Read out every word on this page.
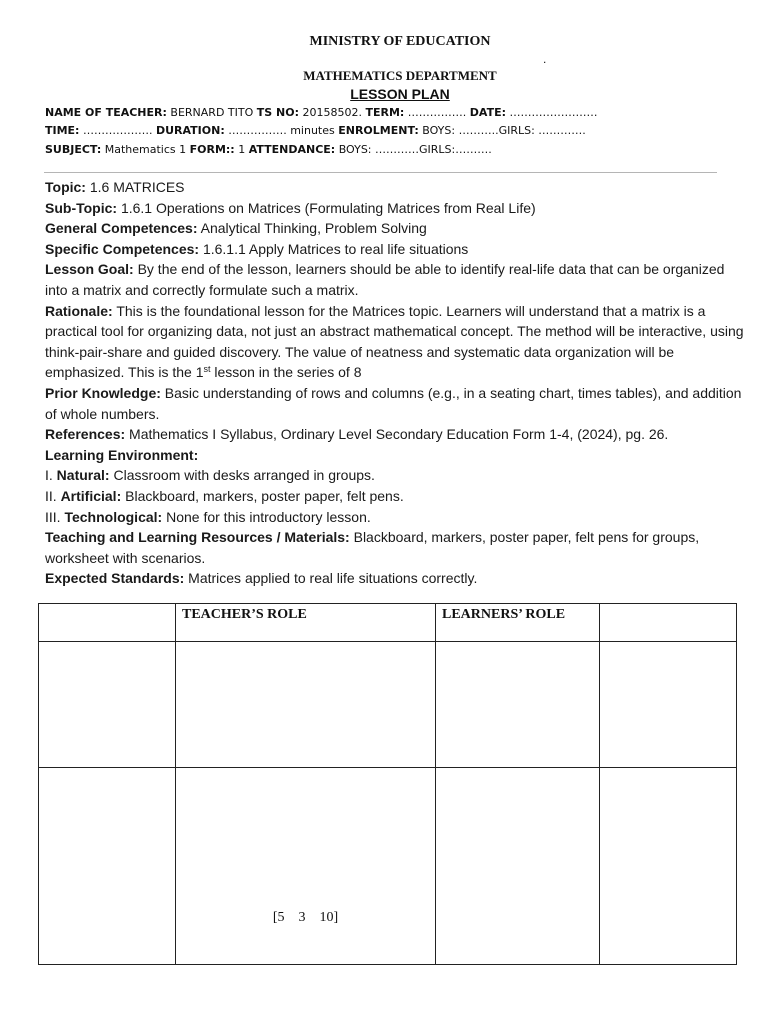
MINISTRY OF EDUCATION
.
MATHEMATICS DEPARTMENT
LESSON PLAN
NAME OF TEACHER: BERNARD TITO TS NO: 20158502. TERM: ……………. DATE: ……………………
TIME: ………………. DURATION: ……………. minutes ENROLMENT: BOYS: ………..GIRLS: ………….
SUBJECT: Mathematics 1 FORM:: 1 ATTENDANCE: BOYS: …………GIRLS:……….

Topic: 1.6 MATRICES

Sub-Topic: 1.6.1 Operations on Matrices (Formulating Matrices from Real Life)

General Competences: Analytical Thinking, Problem Solving

Specific Competences: 1.6.1.1 Apply Matrices to real life situations

Lesson Goal: By the end of the lesson, learners should be able to identify real-life data that can be organized into a matrix and correctly formulate such a matrix.

Rationale: This is the foundational lesson for the Matrices topic. Learners will understand that a matrix is a practical tool for organizing data, not just an abstract mathematical concept. The method will be interactive, using think-pair-share and guided discovery. The value of neatness and systematic data organization will be emphasized. This is the 1st lesson in the series of 8

Prior Knowledge: Basic understanding of rows and columns (e.g., in a seating chart, times tables), and addition of whole numbers.

References: Mathematics I Syllabus, Ordinary Level Secondary Education Form 1-4, (2024), pg. 26.

Learning Environment:

I. Natural: Classroom with desks arranged in groups.

II. Artificial: Blackboard, markers, poster paper, felt pens.

III. Technological: None for this introductory lesson.

Teaching and Learning Resources / Materials: Blackboard, markers, poster paper, felt pens for groups, worksheet with scenarios.

Expected Standards: Matrices applied to real life situations correctly.

	TEACHER’S ROLE	LEARNERS’ ROLE	

	[5    3    10]		
